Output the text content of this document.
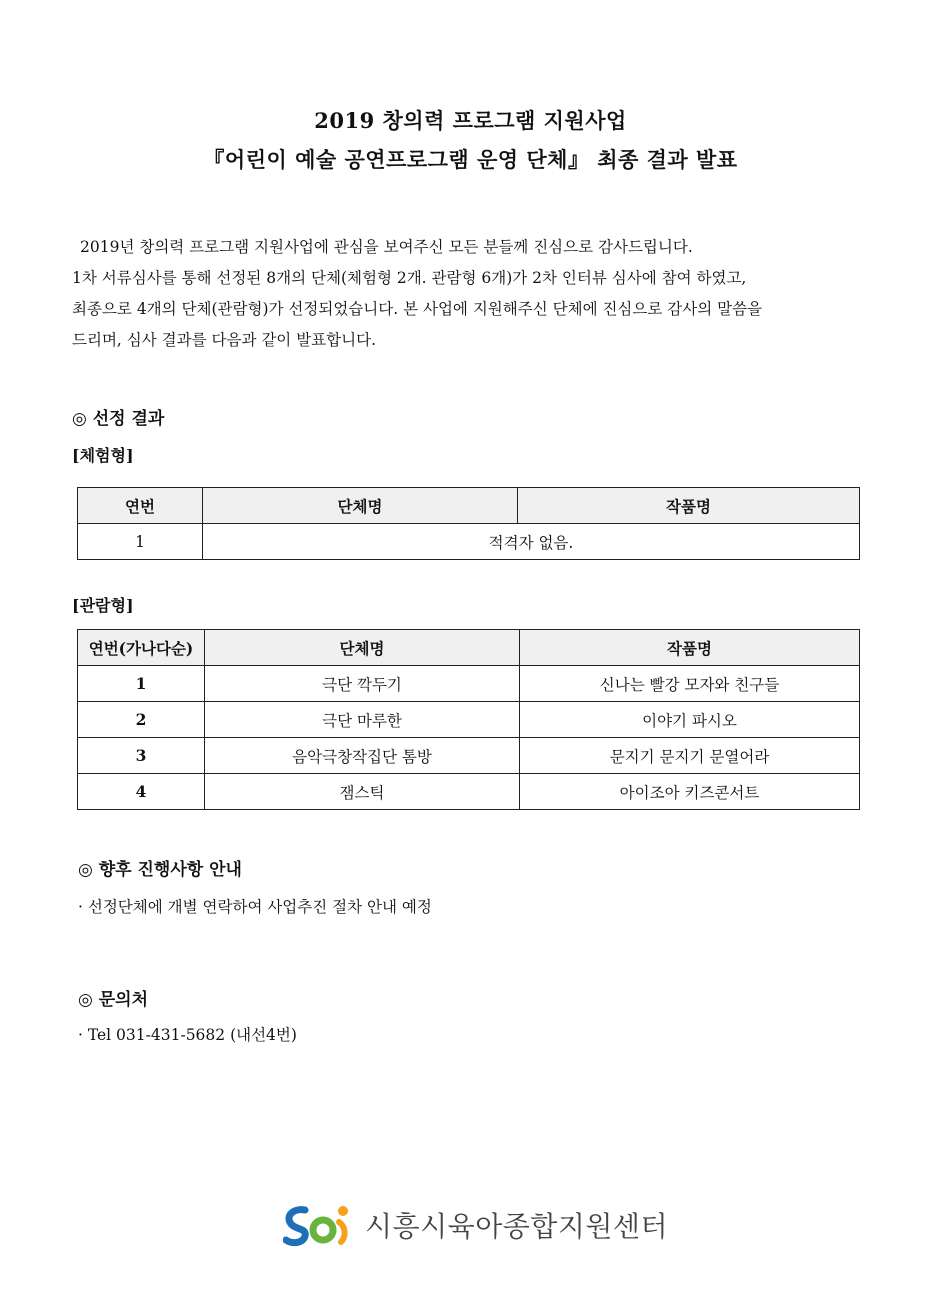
2019 창의력 프로그램 지원사업
『어린이 예술 공연프로그램 운영 단체』 최종 결과 발표
2019년 창의력 프로그램 지원사업에 관심을 보여주신 모든 분들께 진심으로 감사드립니다.
1차 서류심사를 통해 선정된 8개의 단체(체험형 2개. 관람형 6개)가 2차 인터뷰 심사에 참여 하였고,
최종으로 4개의 단체(관람형)가 선정되었습니다. 본 사업에 지원해주신 단체에 진심으로 감사의 말씀을
드리며, 심사 결과를 다음과 같이 발표합니다.
◎ 선정 결과
[체험형]
연번	단체명	작품명
1	적격자 없음.	
[관람형]
연번(가나다순)	단체명	작품명
1	극단 깍두기	신나는 빨강 모자와 친구들
2	극단 마루한	이야기 파시오
3	음악극창작집단 톰방	문지기 문지기 문열어라
4	잼스틱	아이조아 키즈콘서트
◎ 향후 진행사항 안내
· 선정단체에 개별 연락하여 사업추진 절차 안내 예정
◎ 문의처
· Tel 031-431-5682 (내선4번)
시흥시육아종합지원센터
